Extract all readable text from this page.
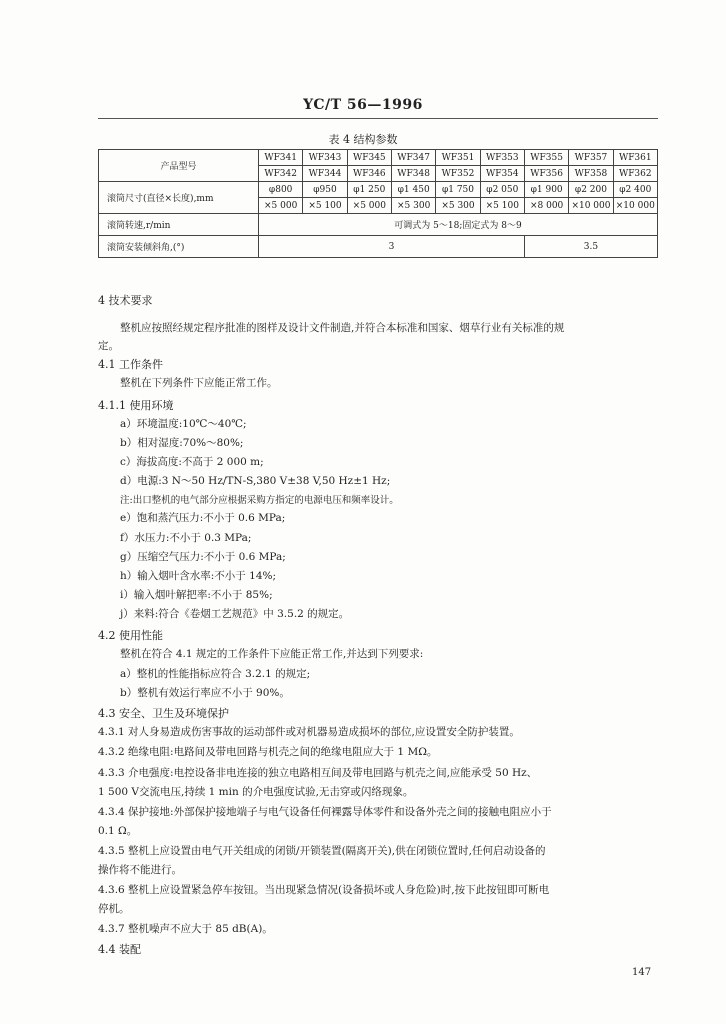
YC/T 56—1996
表 4 结构参数
产品型号	WF341	WF343	WF345	WF347	WF351	WF353	WF355	WF357	WF361
	WF342	WF344	WF346	WF348	WF352	WF354	WF356	WF358	WF362
滚筒尺寸(直径×长度),mm	φ800	φ950	φ1 250	φ1 450	φ1 750	φ2 050	φ1 900	φ2 200	φ2 400
	×5 000	×5 100	×5 000	×5 300	×5 300	×5 100	×8 000	×10 000	×10 000
滚筒转速,r/min	可调式为 5～18;固定式为 8～9								
滚筒安装倾斜角,(°)	3						3.5		
4 技术要求
整机应按照经规定程序批准的图样及设计文件制造,并符合本标准和国家、烟草行业有关标准的规
定。
4.1 工作条件
整机在下列条件下应能正常工作。
4.1.1 使用环境
a）环境温度:10℃～40℃;
b）相对湿度:70%～80%;
c）海拔高度:不高于 2 000 m;
d）电源:3 N～50 Hz/TN-S,380 V±38 V,50 Hz±1 Hz;
注:出口整机的电气部分应根据采购方指定的电源电压和频率设计。
e）饱和蒸汽压力:不小于 0.6 MPa;
f）水压力:不小于 0.3 MPa;
g）压缩空气压力:不小于 0.6 MPa;
h）输入烟叶含水率:不小于 14%;
i）输入烟叶解把率:不小于 85%;
j）来料:符合《卷烟工艺规范》中 3.5.2 的规定。
4.2 使用性能
整机在符合 4.1 规定的工作条件下应能正常工作,并达到下列要求:
a）整机的性能指标应符合 3.2.1 的规定;
b）整机有效运行率应不小于 90%。
4.3 安全、卫生及环境保护
4.3.1 对人身易造成伤害事故的运动部件或对机器易造成损坏的部位,应设置安全防护装置。
4.3.2 绝缘电阻:电路间及带电回路与机壳之间的绝缘电阻应大于 1 MΩ。
4.3.3 介电强度:电控设备非电连接的独立电路相互间及带电回路与机壳之间,应能承受 50 Hz、
1 500 V交流电压,持续 1 min 的介电强度试验,无击穿或闪络现象。
4.3.4 保护接地:外部保护接地端子与电气设备任何裸露导体零件和设备外壳之间的接触电阻应小于
0.1 Ω。
4.3.5 整机上应设置由电气开关组成的闭锁/开锁装置(隔离开关),供在闭锁位置时,任何启动设备的
操作将不能进行。
4.3.6 整机上应设置紧急停车按钮。当出现紧急情况(设备损坏或人身危险)时,按下此按钮即可断电
停机。
4.3.7 整机噪声不应大于 85 dB(A)。
4.4 装配
147
